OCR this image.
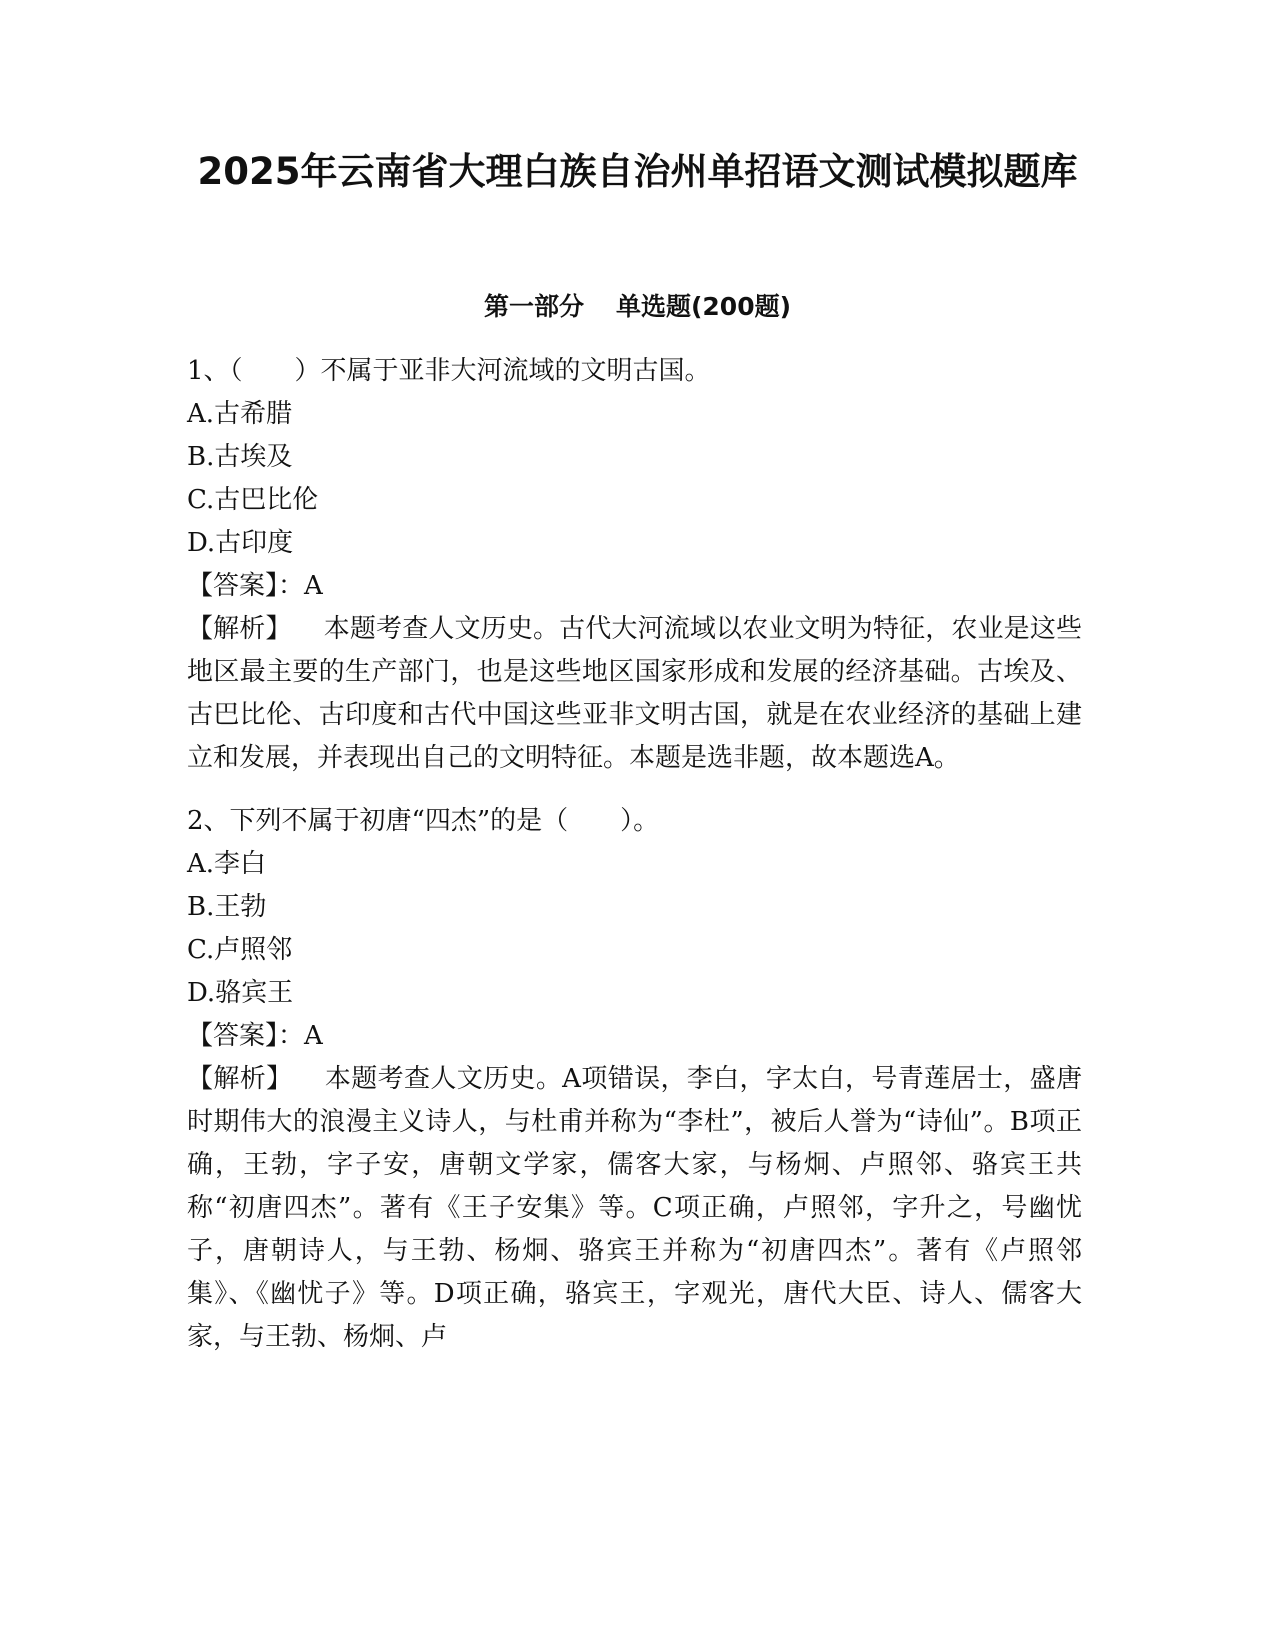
2025年云南省大理白族自治州单招语文测试模拟题库
第一部分 单选题(200题)
1、（　　）不属于亚非大河流域的文明古国。
A.古希腊
B.古埃及
C.古巴比伦
D.古印度
【答案】：A
【解析】 本题考查人文历史。古代大河流域以农业文明为特征，农业是这些地区最主要的生产部门，也是这些地区国家形成和发展的经济基础。古埃及、古巴比伦、古印度和古代中国这些亚非文明古国，就是在农业经济的基础上建立和发展，并表现出自己的文明特征。本题是选非题，故本题选A。
2、下列不属于初唐“四杰”的是（　　）。
A.李白
B.王勃
C.卢照邻
D.骆宾王
【答案】：A
【解析】 本题考查人文历史。A项错误，李白，字太白，号青莲居士，盛唐时期伟大的浪漫主义诗人，与杜甫并称为“李杜”，被后人誉为“诗仙”。B项正确，王勃，字子安，唐朝文学家，儒客大家，与杨炯、卢照邻、骆宾王共称“初唐四杰”。著有《王子安集》等。C项正确，卢照邻，字升之，号幽忧子，唐朝诗人，与王勃、杨炯、骆宾王并称为“初唐四杰”。著有《卢照邻集》、《幽忧子》等。D项正确，骆宾王，字观光，唐代大臣、诗人、儒客大家，与王勃、杨炯、卢
